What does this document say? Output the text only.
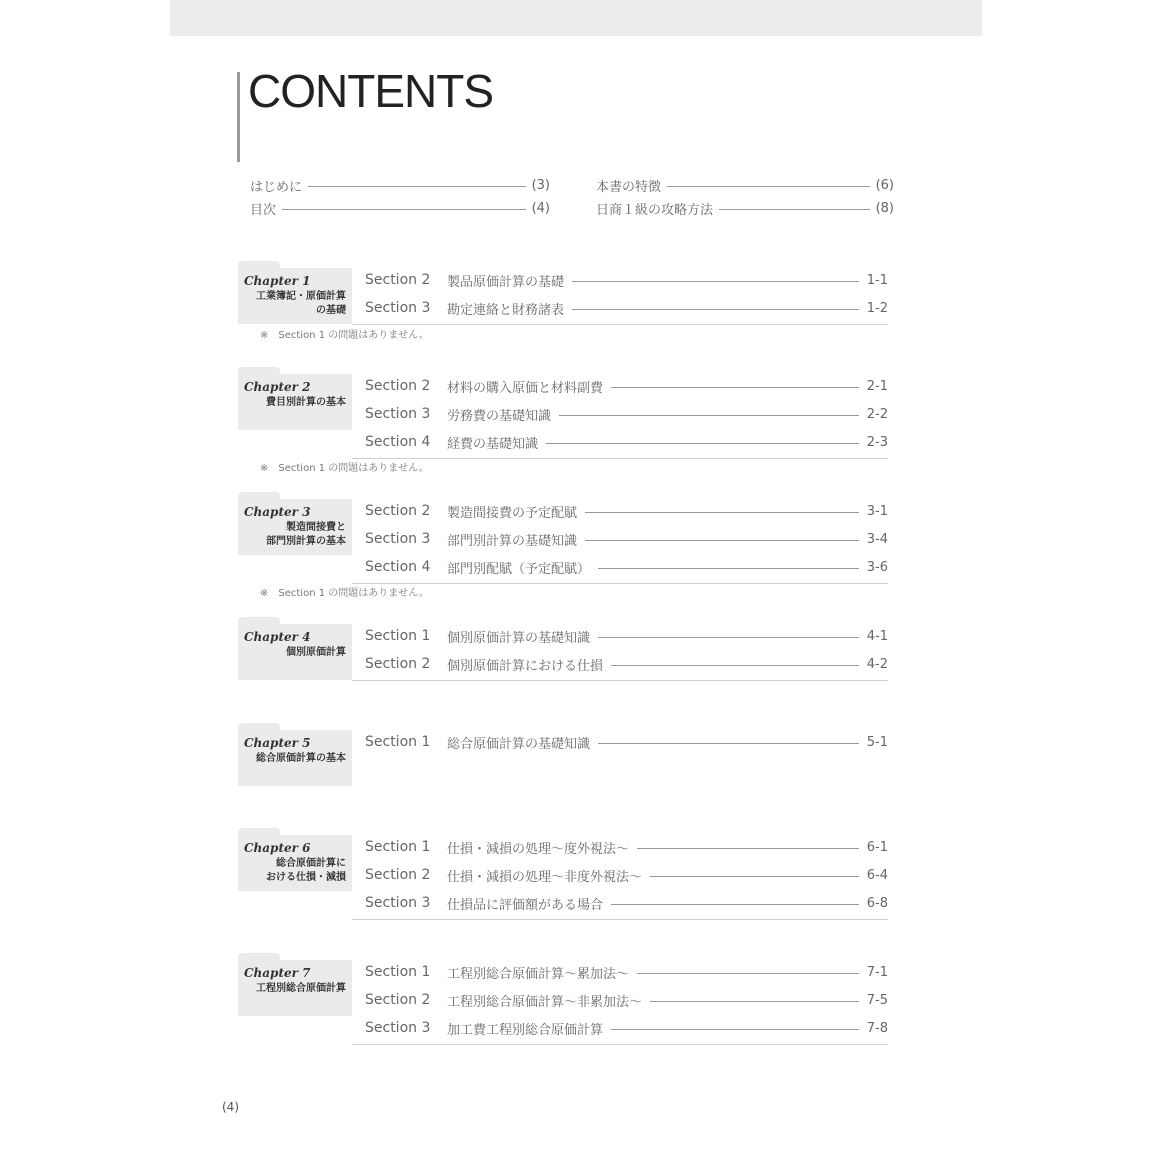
CONTENTS
はじめに	(3)
目次	(4)
本書の特徴	(6)
日商１級の攻略方法	(8)
Chapter 1
工業簿記・原価計算
の基礎
Section 2	製品原価計算の基礎	1-1
Section 3	勘定連絡と財務諸表	1-2
※　Section 1 の問題はありません。
Chapter 2
費目別計算の基本
Section 2	材料の購入原価と材料副費	2-1
Section 3	労務費の基礎知識	2-2
Section 4	経費の基礎知識	2-3
※　Section 1 の問題はありません。
Chapter 3
製造間接費と
部門別計算の基本
Section 2	製造間接費の予定配賦	3-1
Section 3	部門別計算の基礎知識	3-4
Section 4	部門別配賦（予定配賦）	3-6
※　Section 1 の問題はありません。
Chapter 4
個別原価計算
Section 1	個別原価計算の基礎知識	4-1
Section 2	個別原価計算における仕損	4-2
Chapter 5
総合原価計算の基本
Section 1	総合原価計算の基礎知識	5-1
Chapter 6
総合原価計算に
おける仕損・減損
Section 1	仕損・減損の処理～度外視法～	6-1
Section 2	仕損・減損の処理～非度外視法～	6-4
Section 3	仕損品に評価額がある場合	6-8
Chapter 7
工程別総合原価計算
Section 1	工程別総合原価計算～累加法～	7-1
Section 2	工程別総合原価計算～非累加法～	7-5
Section 3	加工費工程別総合原価計算	7-8
(4)
